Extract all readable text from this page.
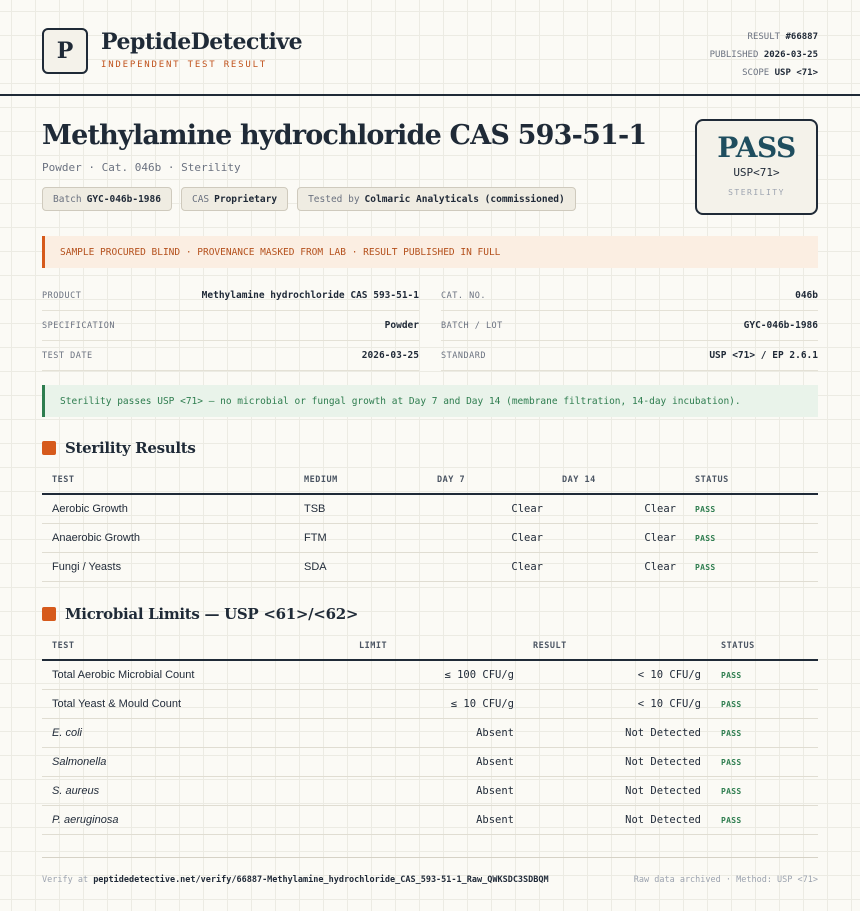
P	PeptideDetective
INDEPENDENT TEST RESULT
RESULT #66887
PUBLISHED 2026-03-25
SCOPE USP <71>
Methylamine hydrochloride CAS 593-51-1
Powder · Cat. 046b · Sterility
Batch GYC-046b-1986	CAS Proprietary	Tested by Colmaric Analyticals (commissioned)
PASS
USP<71>
STERILITY
SAMPLE PROCURED BLIND · PROVENANCE MASKED FROM LAB · RESULT PUBLISHED IN FULL
PRODUCT	Methylamine hydrochloride CAS 593-51-1	CAT. NO.	046b
SPECIFICATION	Powder	BATCH / LOT	GYC-046b-1986
TEST DATE	2026-03-25	STANDARD	USP <71> / EP 2.6.1
Sterility passes USP <71> — no microbial or fungal growth at Day 7 and Day 14 (membrane filtration, 14-day incubation).
Sterility Results
TEST	MEDIUM	DAY 7	DAY 14	STATUS
Aerobic Growth	TSB	Clear	Clear PASS
Anaerobic Growth	FTM	Clear	Clear PASS
Fungi / Yeasts	SDA	Clear	Clear PASS
Microbial Limits — USP <61>/<62>
TEST	LIMIT	RESULT	STATUS
Total Aerobic Microbial Count	≤ 100 CFU/g	< 10 CFU/g	PASS
Total Yeast & Mould Count	≤ 10 CFU/g	< 10 CFU/g	PASS
E. coli	Absent	Not Detected	PASS
Salmonella	Absent	Not Detected	PASS
S. aureus	Absent	Not Detected	PASS
P. aeruginosa	Absent	Not Detected	PASS
Verify at peptidedetective.net/verify/66887-Methylamine_hydrochloride_CAS_593-51-1_Raw_QWKSDC3SDBQM	Raw data archived · Method: USP <71>
